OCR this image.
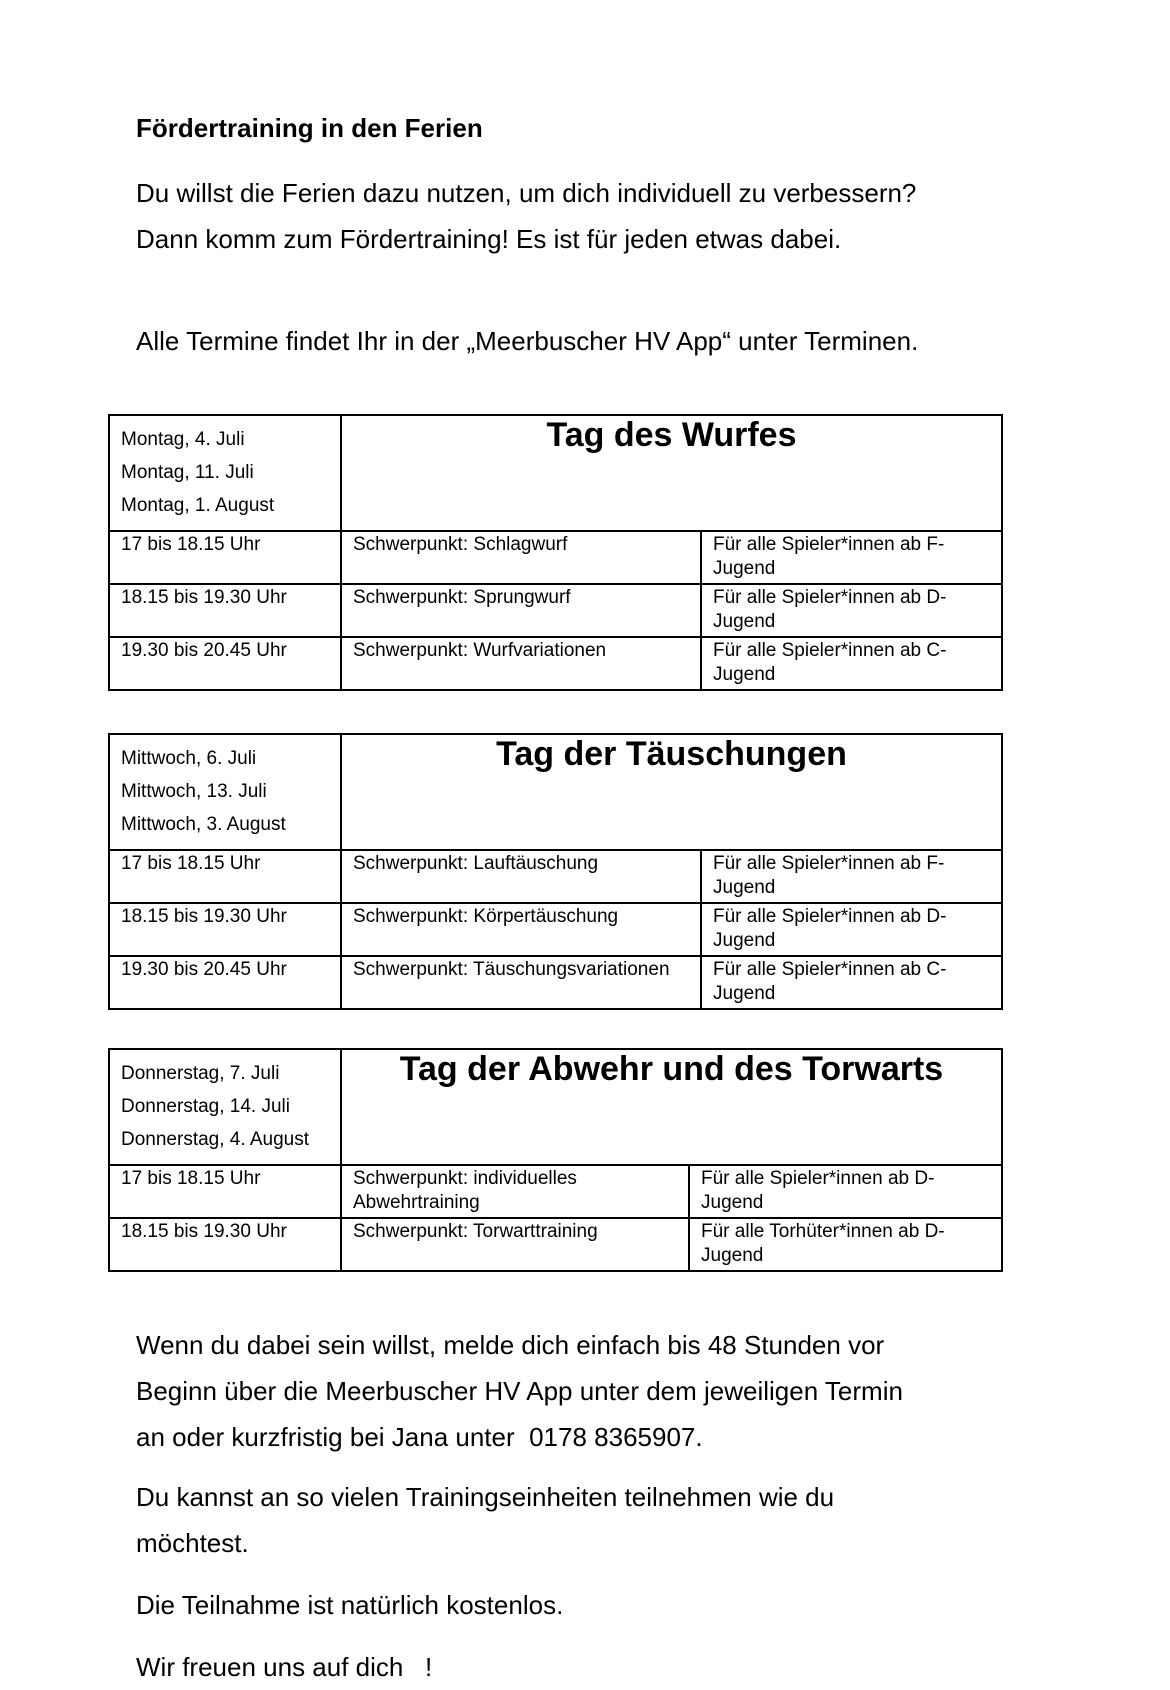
Fördertraining in den Ferien
Du willst die Ferien dazu nutzen, um dich individuell zu verbessern?
Dann komm zum Fördertraining! Es ist für jeden etwas dabei.
Alle Termine findet Ihr in der „Meerbuscher HV App“ unter Terminen.
Montag, 4. Juli
Montag, 11. Juli
Montag, 1. August	Tag des Wurfes	
17 bis 18.15 Uhr	Schwerpunkt: Schlagwurf	Für alle Spieler*innen ab F-Jugend
18.15 bis 19.30 Uhr	Schwerpunkt: Sprungwurf	Für alle Spieler*innen ab D-Jugend
19.30 bis 20.45 Uhr	Schwerpunkt: Wurfvariationen	Für alle Spieler*innen ab C-Jugend
Mittwoch, 6. Juli
Mittwoch, 13. Juli
Mittwoch, 3. August	Tag der Täuschungen	
17 bis 18.15 Uhr	Schwerpunkt: Lauftäuschung	Für alle Spieler*innen ab F-Jugend
18.15 bis 19.30 Uhr	Schwerpunkt: Körpertäuschung	Für alle Spieler*innen ab D-Jugend
19.30 bis 20.45 Uhr	Schwerpunkt: Täuschungsvariationen	Für alle Spieler*innen ab C-Jugend
Donnerstag, 7. Juli
Donnerstag, 14. Juli
Donnerstag, 4. August	Tag der Abwehr und des Torwarts	
17 bis 18.15 Uhr	Schwerpunkt: individuelles Abwehrtraining	Für alle Spieler*innen ab D-Jugend
18.15 bis 19.30 Uhr	Schwerpunkt: Torwarttraining	Für alle Torhüter*innen ab D-Jugend
Wenn du dabei sein willst, melde dich einfach bis 48 Stunden vor
Beginn über die Meerbuscher HV App unter dem jeweiligen Termin
an oder kurzfristig bei Jana unter  0178 8365907.
Du kannst an so vielen Trainingseinheiten teilnehmen wie du
möchtest.
Die Teilnahme ist natürlich kostenlos.
Wir freuen uns auf dich   !
